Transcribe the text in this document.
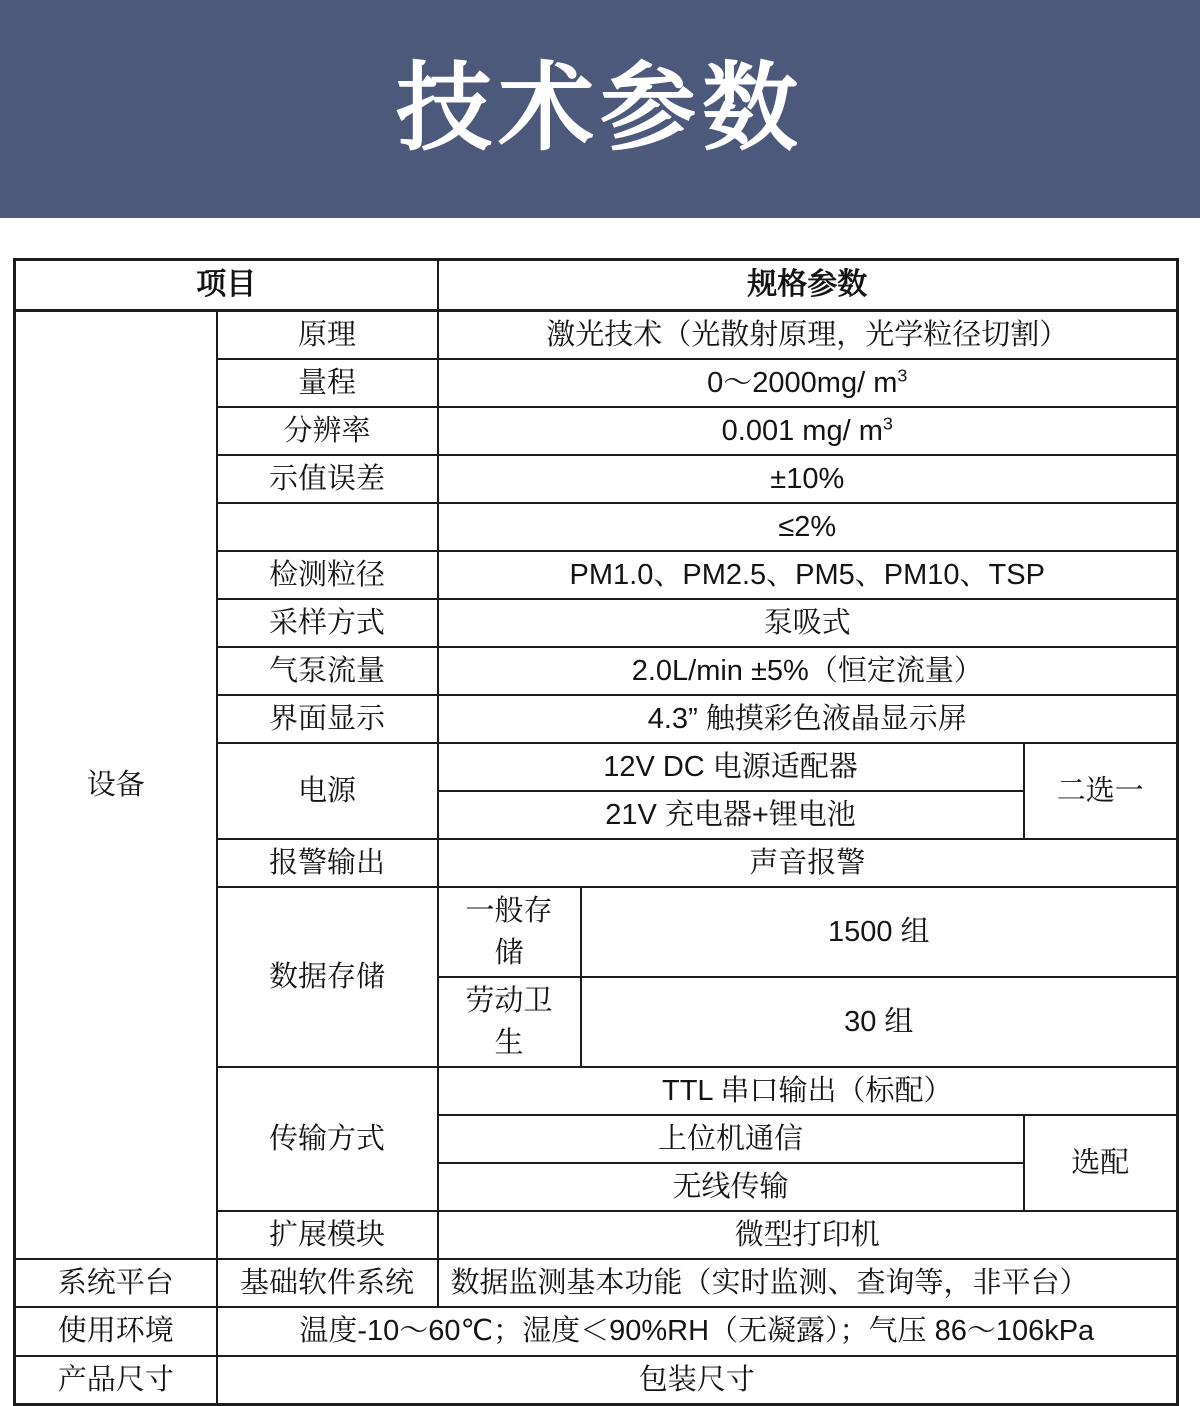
技术参数
项目		规格参数		
设备	原理	激光技术（光散射原理，光学粒径切割）		
	量程	0～2000mg/ $m^3$
	分辨率	0.001 mg/ $m^3$
	示值误差	±10%		
		≤2%		
	检测粒径	PM1.0、PM2.5、PM5、PM10、TSP		
	采样方式	泵吸式		
	气泵流量	2.0L/min ±5%（恒定流量）		
	界面显示	4.3” 触摸彩色液晶显示屏		
	电源	12V DC 电源适配器		二选一
		21V 充电器+锂电池		
	报警输出	声音报警		
	数据存储	一般存储	1500 组	
		劳动卫生	30 组	
	传输方式	TTL 串口输出（标配）		
		上位机通信		选配
		无线传输		
	扩展模块	微型打印机		
系统平台	基础软件系统	数据监测基本功能（实时监测、查询等，非平台）		
使用环境	温度-10～60℃；湿度＜90%RH（无凝露）；气压 86～106kPa			
产品尺寸	包装尺寸			
